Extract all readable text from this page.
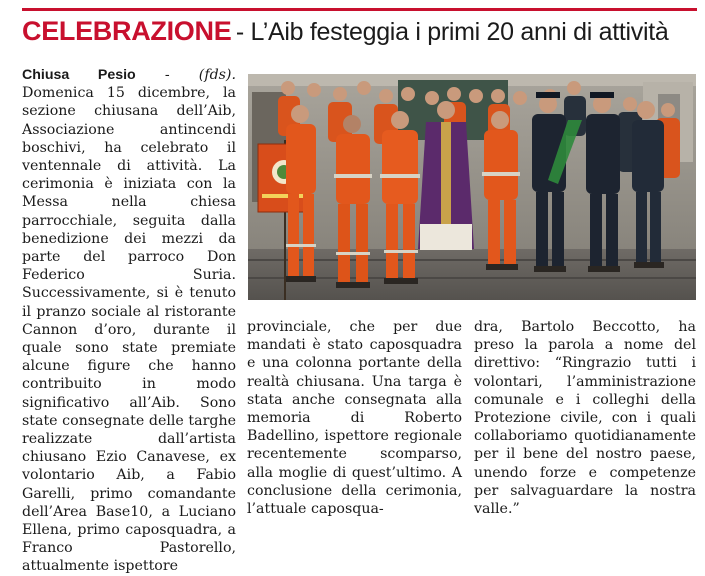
CELEBRAZIONE - L’Aib festeggia i primi 20 anni di attività
Chiusa Pesio - (fds). Domenica 15 dicembre, la sezione chiusana dell’Aib, Associazione antincendi boschivi, ha celebrato il ventennale di attività. La cerimonia è iniziata con la Messa nella chiesa parrocchiale, seguita dalla benedizione dei mezzi da parte del parroco Don Federico Suria. Successivamente, si è tenuto il pranzo sociale al ristorante Cannon d’oro, durante il quale sono state premiate alcune figure che hanno contribuito in modo significativo all’Aib. Sono state consegnate delle targhe realizzate dall’artista chiusano Ezio Canavese, ex volontario Aib, a Fabio Garelli, primo comandante dell’Area Base10, a Luciano Ellena, primo caposquadra, a Franco Pastorello, attualmente ispettore
provinciale, che per due mandati è stato caposquadra e una colonna portante della realtà chiusana. Una targa è stata anche consegnata alla memoria di Roberto Badellino, ispettore regionale recentemente scomparso, alla moglie di quest’ultimo. A conclusione della cerimonia, l’attuale caposqua-
dra, Bartolo Beccotto, ha preso la parola a nome del direttivo: “Ringrazio tutti i volontari, l’amministrazione comunale e i colleghi della Protezione civile, con i quali collaboriamo quotidianamente per il bene del nostro paese, unendo forze e competenze per salvaguardare la nostra valle.”
